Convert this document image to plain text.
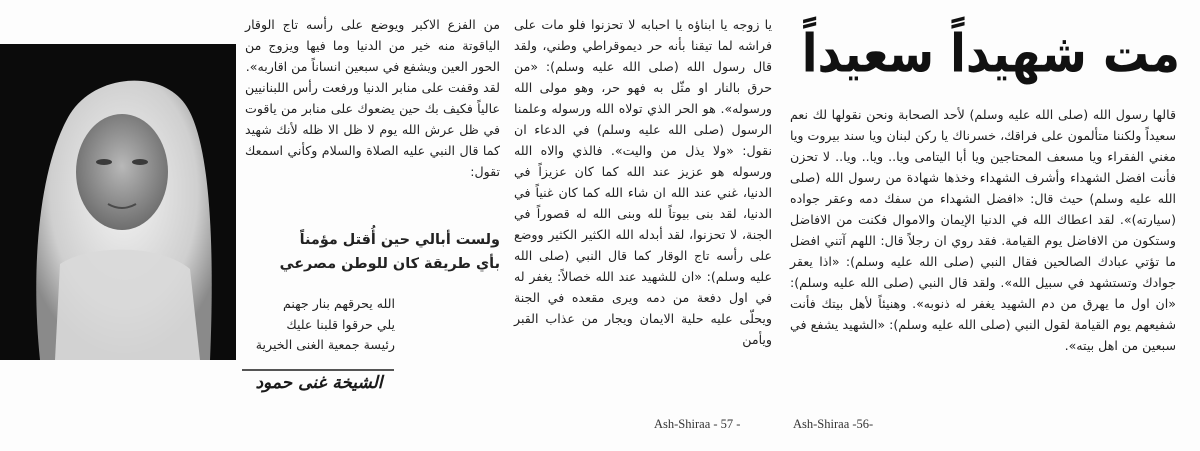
مت شهيداً سعيداً

قالها رسول الله (صلى الله عليه وسلم) لأحد الصحابة ونحن نقولها لك نعم سعيداً ولكننا متألمون على فراقك، خسرناك يا ركن لبنان ويا سند بيروت ويا مغني الفقراء ويا مسعف المحتاجين ويا أبا اليتامى ويا.. ويا.. ويا.. لا تحزن فأنت افضل الشهداء وأشرف الشهداء وخذها شهادة من رسول الله (صلى الله عليه وسلم) حيث قال: «افضل الشهداء من سفك دمه وعقر جواده (سيارته)». لقد اعطاك الله في الدنيا الإيمان والاموال فكنت من الافاضل وستكون من الافاضل يوم القيامة. فقد روي ان رجلاً قال: اللهم آتني افضل ما تؤتي عبادك الصالحين فقال النبي (صلى الله عليه وسلم): «اذا يعقر جوادك وتستشهد في سبيل الله». ولقد قال النبي (صلى الله عليه وسلم): «ان اول ما يهرق من دم الشهيد يغفر له ذنوبه». وهنيئاً لأهل بيتك فأنت شفيعهم يوم القيامة لقول النبي (صلى الله عليه وسلم): «الشهيد يشفع في سبعين من اهل بيته».

يا زوجه يا ابناؤه يا احبابه لا تحزنوا فلو مات على فراشه لما تيقنا بأنه حر ديموقراطي وطني، ولقد قال رسول الله (صلى الله عليه وسلم): «من حرق بالنار او مثّل به فهو حر، وهو مولى الله ورسوله». هو الحر الذي تولاه الله ورسوله وعلمنا الرسول (صلى الله عليه وسلم) في الدعاء ان نقول: «ولا يذل من واليت». فالذي والاه الله ورسوله هو عزيز عند الله كما كان عزيزاً في الدنيا، غني عند الله ان شاء الله كما كان غنياً في الدنيا، لقد بنى بيوتاً لله وبنى الله له قصوراً في الجنة، لا تحزنوا، لقد أبدله الله الكثير الكثير ووضع على رأسه تاج الوقار كما قال النبي (صلى الله عليه وسلم): «ان للشهيد عند الله خصالاً: يغفر له في اول دفعة من دمه ويرى مقعده في الجنة ويحلّى عليه حلية الايمان ويجار من عذاب القبر ويأمن

من الفزع الاكبر ويوضع على رأسه تاج الوقار الياقوتة منه خير من الدنيا وما فيها ويزوج من الحور العين ويشفع في سبعين انساناً من اقاربه».

لقد وقفت على منابر الدنيا ورفعت رأس اللبنانيين عالياً فكيف بك حين يضعوك على منابر من ياقوت في ظل عرش الله يوم لا ظل الا ظله لأنك شهيد كما قال النبي عليه الصلاة والسلام وكأني اسمعك تقول:

ولست أبالي حين أُقتل مؤمناً
بأي طريقة كان للوطن مصرعي
الله يحرقهم بنار جهنم
يلي حرقوا قلبنا عليك
رئيسة جمعية الغنى الخيرية
الشيخة غنى حمود
Ash-Shiraa - 57 -	Ash-Shiraa -56-
